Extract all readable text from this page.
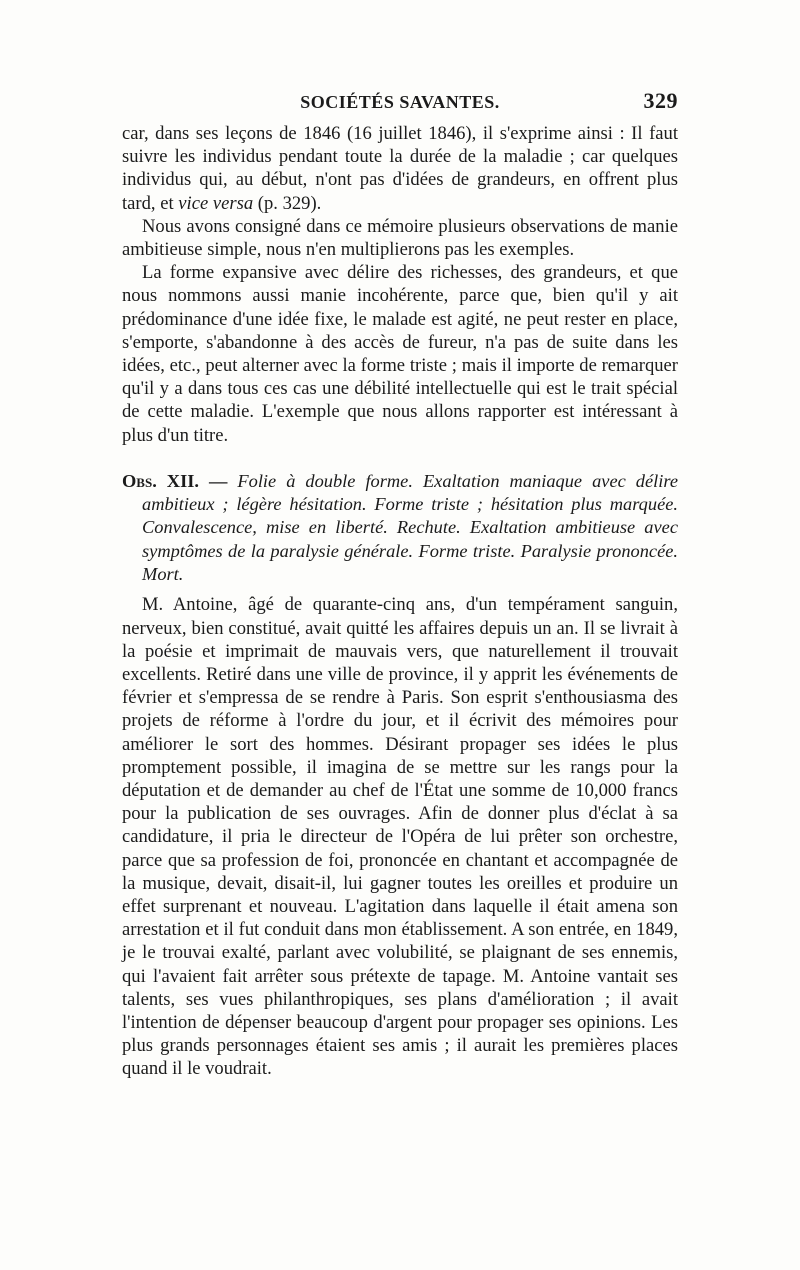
SOCIÉTÉS SAVANTES.	329

car, dans ses leçons de 1846 (16 juillet 1846), il s'exprime ainsi : Il faut suivre les individus pendant toute la durée de la maladie ; car quelques individus qui, au début, n'ont pas d'idées de grandeurs, en offrent plus tard, et vice versa (p. 329).

Nous avons consigné dans ce mémoire plusieurs observations de manie ambitieuse simple, nous n'en multiplierons pas les exemples.

La forme expansive avec délire des richesses, des grandeurs, et que nous nommons aussi manie incohérente, parce que, bien qu'il y ait prédominance d'une idée fixe, le malade est agité, ne peut rester en place, s'emporte, s'abandonne à des accès de fureur, n'a pas de suite dans les idées, etc., peut alterner avec la forme triste ; mais il importe de remarquer qu'il y a dans tous ces cas une débilité intellectuelle qui est le trait spécial de cette maladie. L'exemple que nous allons rapporter est intéressant à plus d'un titre.

Obs. XII. — Folie à double forme. Exaltation maniaque avec délire ambitieux ; légère hésitation. Forme triste ; hésitation plus marquée. Convalescence, mise en liberté. Rechute. Exaltation ambitieuse avec symptômes de la paralysie générale. Forme triste. Paralysie prononcée. Mort.

M. Antoine, âgé de quarante-cinq ans, d'un tempérament sanguin, nerveux, bien constitué, avait quitté les affaires depuis un an. Il se livrait à la poésie et imprimait de mauvais vers, que naturellement il trouvait excellents. Retiré dans une ville de province, il y apprit les événements de février et s'empressa de se rendre à Paris. Son esprit s'enthousiasma des projets de réforme à l'ordre du jour, et il écrivit des mémoires pour améliorer le sort des hommes. Désirant propager ses idées le plus promptement possible, il imagina de se mettre sur les rangs pour la députation et de demander au chef de l'État une somme de 10,000 francs pour la publication de ses ouvrages. Afin de donner plus d'éclat à sa candidature, il pria le directeur de l'Opéra de lui prêter son orchestre, parce que sa profession de foi, prononcée en chantant et accompagnée de la musique, devait, disait-il, lui gagner toutes les oreilles et produire un effet surprenant et nouveau. L'agitation dans laquelle il était amena son arrestation et il fut conduit dans mon établissement. A son entrée, en 1849, je le trouvai exalté, parlant avec volubilité, se plaignant de ses ennemis, qui l'avaient fait arrêter sous prétexte de tapage. M. Antoine vantait ses talents, ses vues philanthropiques, ses plans d'amélioration ; il avait l'intention de dépenser beaucoup d'argent pour propager ses opinions. Les plus grands personnages étaient ses amis ; il aurait les premières places quand il le voudrait.
